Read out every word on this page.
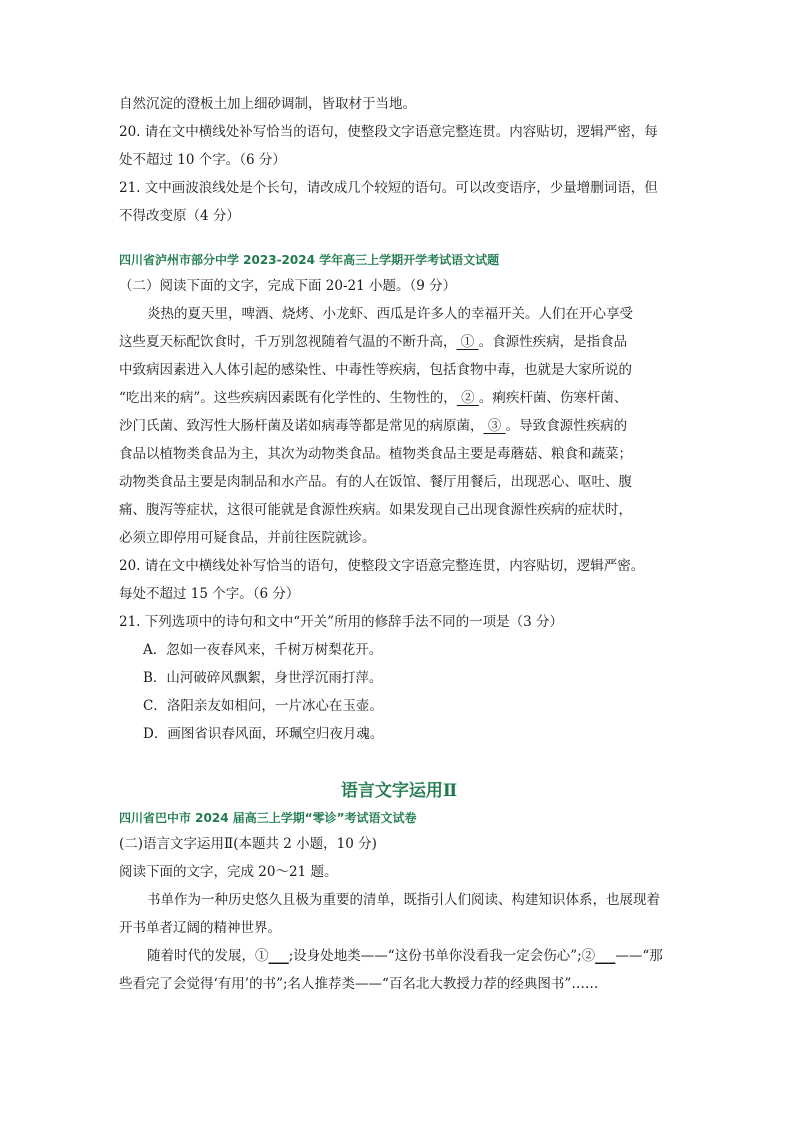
自然沉淀的澄板土加上细砂调制，皆取材于当地。

20. 请在文中横线处补写恰当的语句，使整段文字语意完整连贯。内容贴切，逻辑严密，每

处不超过 10 个字。（6 分）

21. 文中画波浪线处是个长句，请改成几个较短的语句。可以改变语序，少量增删词语，但

不得改变原（4 分）

四川省泸州市部分中学 2023-2024 学年高三上学期开学考试语文试题

（二）阅读下面的文字，完成下面 20-21 小题。（9 分）

炎热的夏天里，啤酒、烧烤、小龙虾、西瓜是许多人的幸福开关。人们在开心享受

这些夏天标配饮食时，千万别忽视随着气温的不断升高， ① 。食源性疾病，是指食品

中致病因素进入人体引起的感染性、中毒性等疾病，包括食物中毒，也就是大家所说的

“吃出来的病”。这些疾病因素既有化学性的、生物性的， ② 。痢疾杆菌、伤寒杆菌、

沙门氏菌、致泻性大肠杆菌及诺如病毒等都是常见的病原菌， ③ 。导致食源性疾病的

食品以植物类食品为主，其次为动物类食品。植物类食品主要是毒蘑菇、粮食和蔬菜；

动物类食品主要是肉制品和水产品。有的人在饭馆、餐厅用餐后，出现恶心、呕吐、腹

痛、腹泻等症状，这很可能就是食源性疾病。如果发现自己出现食源性疾病的症状时，

必须立即停用可疑食品，并前往医院就诊。

20. 请在文中横线处补写恰当的语句，使整段文字语意完整连贯，内容贴切，逻辑严密。

每处不超过 15 个字。（6 分）

21. 下列选项中的诗句和文中“开关”所用的修辞手法不同的一项是（3 分）

A．忽如一夜春风来，千树万树梨花开。

B．山河破碎风飘絮，身世浮沉雨打萍。

C．洛阳亲友如相问，一片冰心在玉壶。

D．画图省识春风面，环珮空归夜月魂。

语言文字运用Ⅱ

四川省巴中市 2024 届高三上学期“零诊”考试语文试卷

(二)语言文字运用Ⅱ(本题共 2 小题，10 分)

阅读下面的文字，完成 20～21 题。

书单作为一种历史悠久且极为重要的清单，既指引人们阅读、构建知识体系，也展现着

开书单者辽阔的精神世界。

随着时代的发展，①___;设身处地类——“这份书单你没看我一定会伤心”;②___——“那

些看完了会觉得‘有用’的书”;名人推荐类——“百名北大教授力荐的经典图书”……
